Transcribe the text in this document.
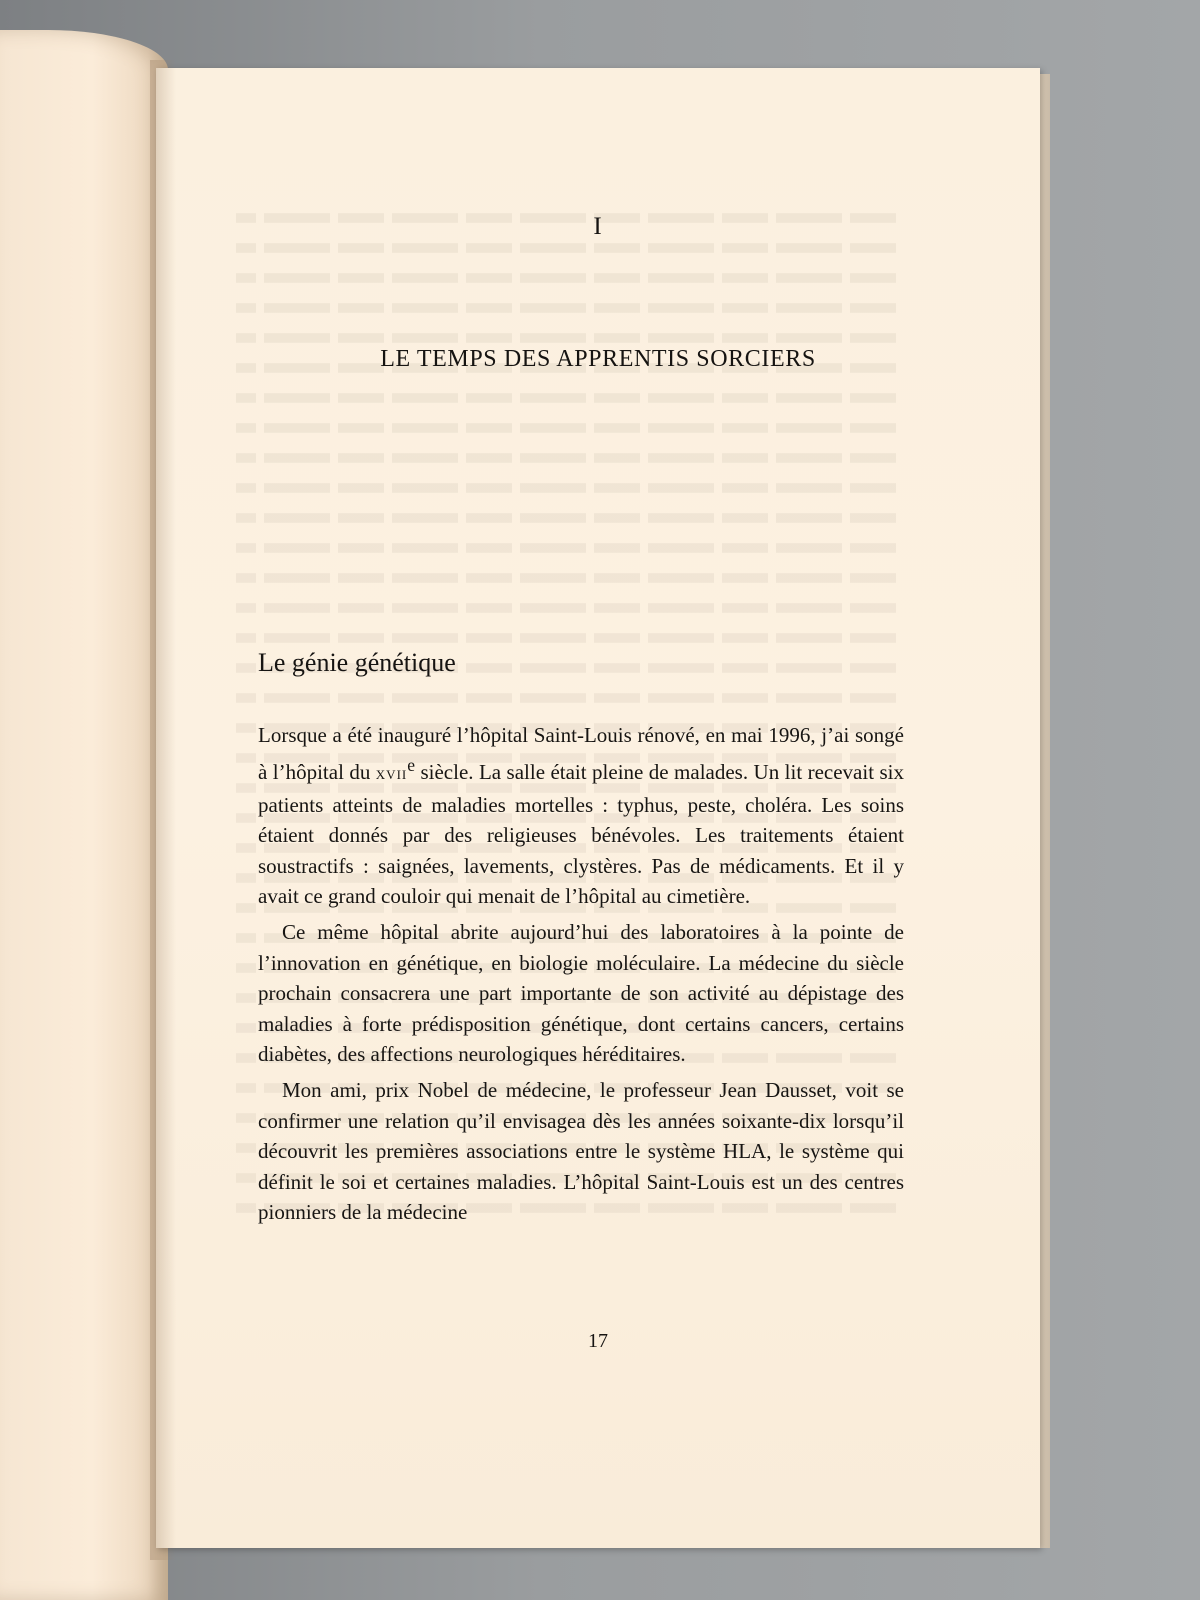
I
LE TEMPS DES APPRENTIS SORCIERS
Le génie génétique

Lorsque a été inauguré l’hôpital Saint-Louis rénové, en mai 1996, j’ai songé à l’hôpital du xvii$^e$ siècle. La salle était pleine de malades. Un lit recevait six patients atteints de maladies mortelles : typhus, peste, choléra. Les soins étaient donnés par des religieuses bénévoles. Les traitements étaient soustractifs : saignées, lavements, clystères. Pas de médicaments. Et il y avait ce grand couloir qui menait de l’hôpital au cimetière.

Ce même hôpital abrite aujourd’hui des laboratoires à la pointe de l’innovation en génétique, en biologie moléculaire. La médecine du siècle prochain consacrera une part importante de son activité au dépistage des maladies à forte prédisposition génétique, dont certains cancers, certains diabètes, des affections neurologiques héréditaires.

Mon ami, prix Nobel de médecine, le professeur Jean Dausset, voit se confirmer une relation qu’il envisagea dès les années soixante-dix lorsqu’il découvrit les premières associations entre le système HLA, le système qui définit le soi et certaines maladies. L’hôpital Saint-Louis est un des centres pionniers de la médecine

17
